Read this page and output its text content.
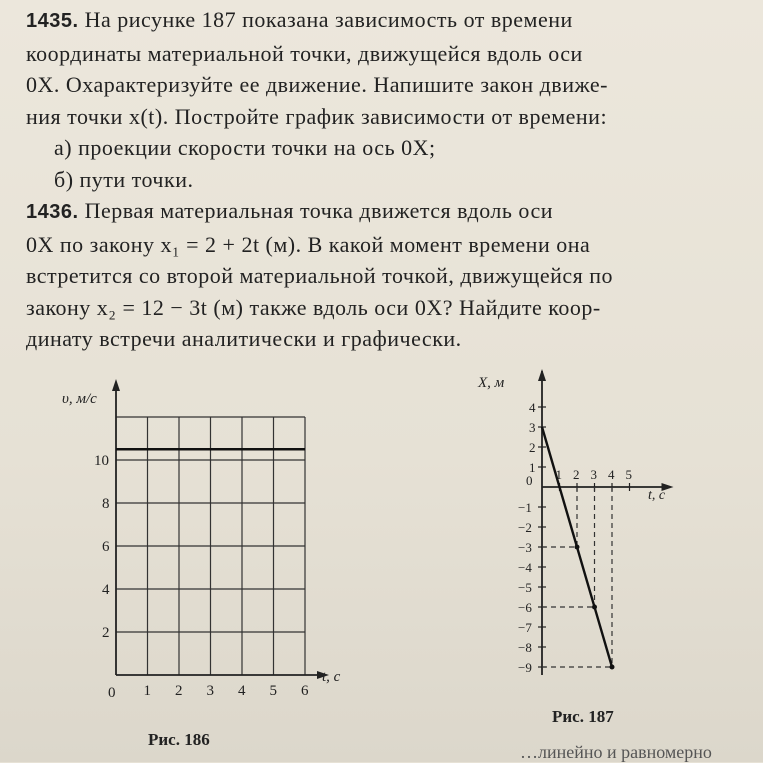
1435. На рисунке 187 показана зависимость от времени
координаты материальной точки, движущейся вдоль оси
0X. Охарактеризуйте ее движение. Напишите закон движе-
ния точки x(t). Постройте график зависимости от времени:
а) проекции скорости точки на ось 0X;
б) пути точки.
1436. Первая материальная точка движется вдоль оси
0X по закону x₁ = 2 + 2t (м). В какой момент времени она
встретится со второй материальной точкой, движущейся по
закону x₂ = 12 − 3t (м) также вдоль оси 0X? Найдите коор-
динату встречи аналитически и графически.
1 2 3 4 5 6
2
4
6
8
10
υ, м/с
t, c
0
Рис. 186
4
3
2
1
−1
−2
−3
−4
−5
−6
−7
−8
−9
1 2 3 4 5
X, м
t, c
0
Рис. 187
…линейно и равномерно
